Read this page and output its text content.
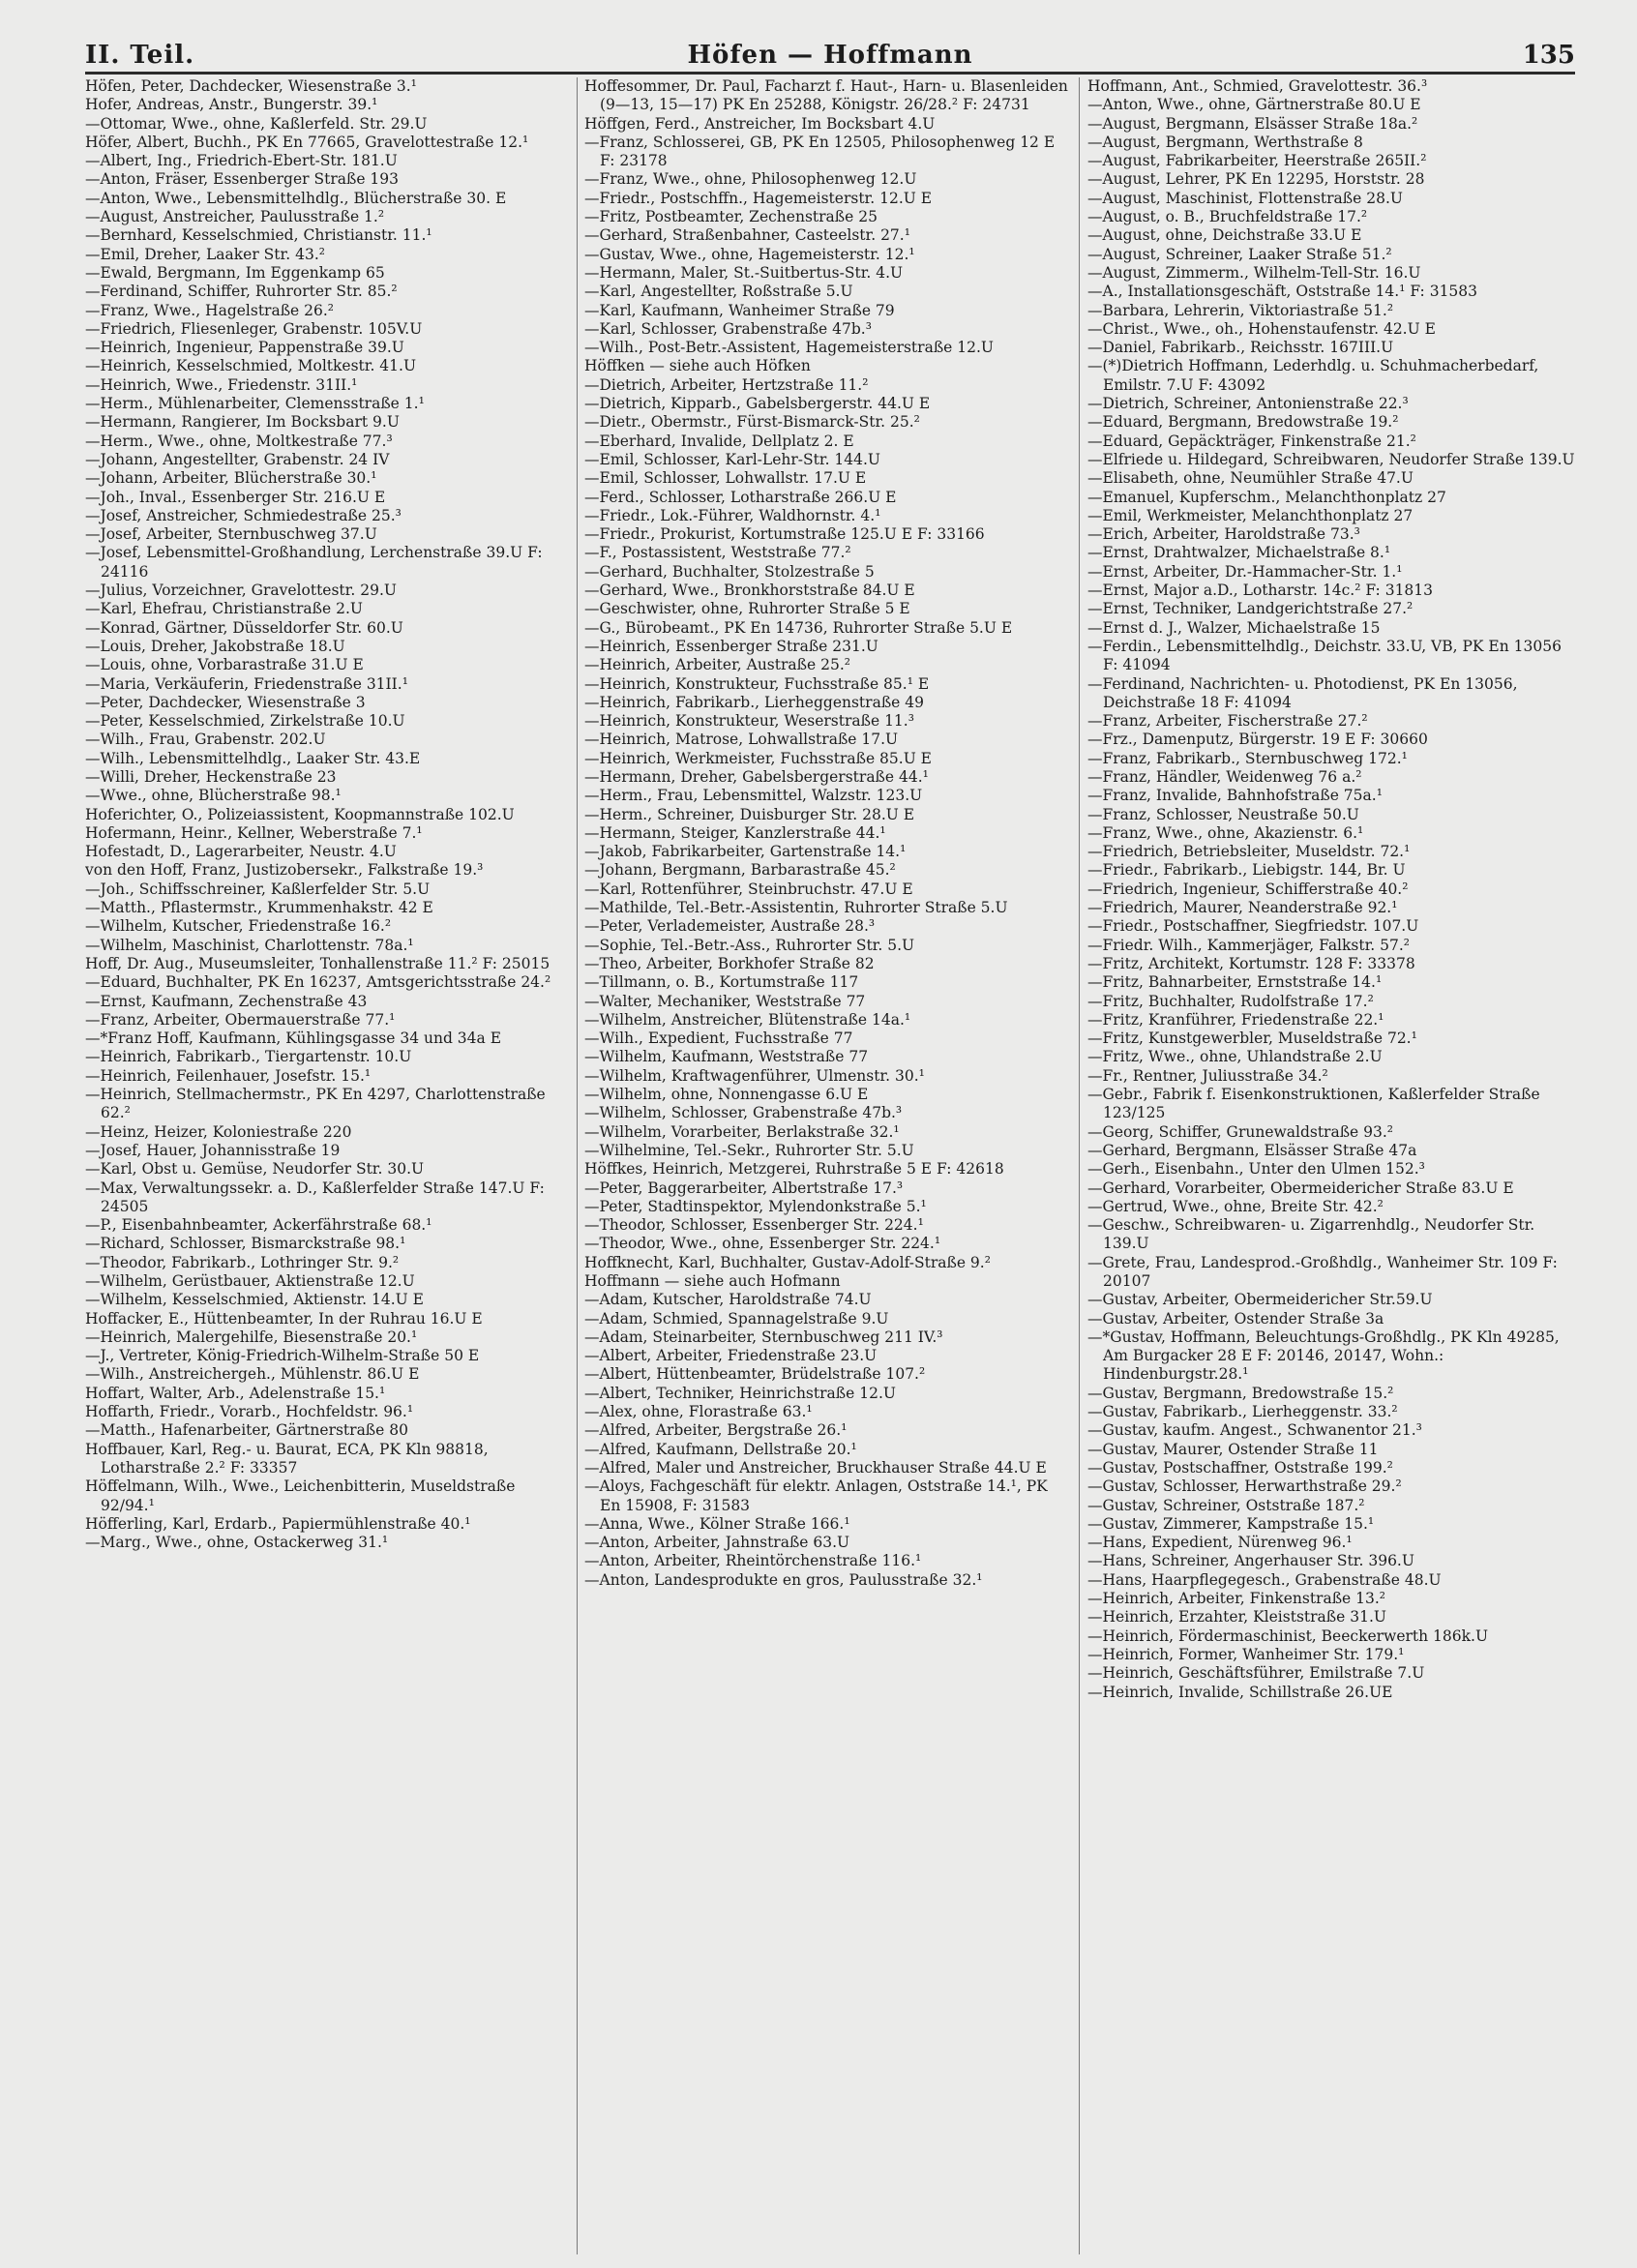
II. Teil.	Höfen — Hoffmann	135
Höfen, Peter, Dachdecker, Wiesenstraße 3.¹
Hofer, Andreas, Anstr., Bungerstr. 39.¹
—Ottomar, Wwe., ohne, Kaßlerfeld. Str. 29.U
Höfer, Albert, Buchh., PK En 77665, Gravelottestraße 12.¹
—Albert, Ing., Friedrich-Ebert-Str. 181.U
—Anton, Fräser, Essenberger Straße 193
—Anton, Wwe., Lebensmittelhdlg., Blücherstraße 30. E
—August, Anstreicher, Paulusstraße 1.²
—Bernhard, Kesselschmied, Christianstr. 11.¹
—Emil, Dreher, Laaker Str. 43.²
—Ewald, Bergmann, Im Eggenkamp 65
—Ferdinand, Schiffer, Ruhrorter Str. 85.²
—Franz, Wwe., Hagelstraße 26.²
—Friedrich, Fliesenleger, Grabenstr. 105V.U
—Heinrich, Ingenieur, Pappenstraße 39.U
—Heinrich, Kesselschmied, Moltkestr. 41.U
—Heinrich, Wwe., Friedenstr. 31II.¹
—Herm., Mühlenarbeiter, Clemensstraße 1.¹
—Hermann, Rangierer, Im Bocksbart 9.U
—Herm., Wwe., ohne, Moltkestraße 77.³
—Johann, Angestellter, Grabenstr. 24 IV
—Johann, Arbeiter, Blücherstraße 30.¹
—Joh., Inval., Essenberger Str. 216.U E
—Josef, Anstreicher, Schmiedestraße 25.³
—Josef, Arbeiter, Sternbuschweg 37.U
—Josef, Lebensmittel-Großhandlung, Lerchenstraße 39.U F: 24116
—Julius, Vorzeichner, Gravelottestr. 29.U
—Karl, Ehefrau, Christianstraße 2.U
—Konrad, Gärtner, Düsseldorfer Str. 60.U
—Louis, Dreher, Jakobstraße 18.U
—Louis, ohne, Vorbarastraße 31.U E
—Maria, Verkäuferin, Friedenstraße 31II.¹
—Peter, Dachdecker, Wiesenstraße 3
—Peter, Kesselschmied, Zirkelstraße 10.U
—Wilh., Frau, Grabenstr. 202.U
—Wilh., Lebensmittelhdlg., Laaker Str. 43.E
—Willi, Dreher, Heckenstraße 23
—Wwe., ohne, Blücherstraße 98.¹
Hoferichter, O., Polizeiassistent, Koopmannstraße 102.U
Hofermann, Heinr., Kellner, Weberstraße 7.¹
Hofestadt, D., Lagerarbeiter, Neustr. 4.U
von den Hoff, Franz, Justizobersekr., Falkstraße 19.³
—Joh., Schiffsschreiner, Kaßlerfelder Str. 5.U
—Matth., Pflastermstr., Krummenhakstr. 42 E
—Wilhelm, Kutscher, Friedenstraße 16.²
—Wilhelm, Maschinist, Charlottenstr. 78a.¹
Hoff, Dr. Aug., Museumsleiter, Tonhallenstraße 11.² F: 25015
—Eduard, Buchhalter, PK En 16237, Amtsgerichtsstraße 24.²
—Ernst, Kaufmann, Zechenstraße 43
—Franz, Arbeiter, Obermauerstraße 77.¹
—*Franz Hoff, Kaufmann, Kühlingsgasse 34 und 34a E
—Heinrich, Fabrikarb., Tiergartenstr. 10.U
—Heinrich, Feilenhauer, Josefstr. 15.¹
—Heinrich, Stellmachermstr., PK En 4297, Charlottenstraße 62.²
—Heinz, Heizer, Koloniestraße 220
—Josef, Hauer, Johannisstraße 19
—Karl, Obst u. Gemüse, Neudorfer Str. 30.U
—Max, Verwaltungssekr. a. D., Kaßlerfelder Straße 147.U F: 24505
—P., Eisenbahnbeamter, Ackerfährstraße 68.¹
—Richard, Schlosser, Bismarckstraße 98.¹
—Theodor, Fabrikarb., Lothringer Str. 9.²
—Wilhelm, Gerüstbauer, Aktienstraße 12.U
—Wilhelm, Kesselschmied, Aktienstr. 14.U E
Hoffacker, E., Hüttenbeamter, In der Ruhrau 16.U E
—Heinrich, Malergehilfe, Biesenstraße 20.¹
—J., Vertreter, König-Friedrich-Wilhelm-Straße 50 E
—Wilh., Anstreichergeh., Mühlenstr. 86.U E
Hoffart, Walter, Arb., Adelenstraße 15.¹
Hoffarth, Friedr., Vorarb., Hochfeldstr. 96.¹
—Matth., Hafenarbeiter, Gärtnerstraße 80
Hoffbauer, Karl, Reg.- u. Baurat, ECA, PK Kln 98818, Lotharstraße 2.² F: 33357
Höffelmann, Wilh., Wwe., Leichenbitterin, Museldstraße 92/94.¹
Höfferling, Karl, Erdarb., Papiermühlenstraße 40.¹
—Marg., Wwe., ohne, Ostackerweg 31.¹
Hoffesommer, Dr. Paul, Facharzt f. Haut-, Harn- u. Blasenleiden (9—13, 15—17) PK En 25288, Königstr. 26/28.² F: 24731
Höffgen, Ferd., Anstreicher, Im Bocksbart 4.U
—Franz, Schlosserei, GB, PK En 12505, Philosophenweg 12 E F: 23178
—Franz, Wwe., ohne, Philosophenweg 12.U
—Friedr., Postschffn., Hagemeisterstr. 12.U E
—Fritz, Postbeamter, Zechenstraße 25
—Gerhard, Straßenbahner, Casteelstr. 27.¹
—Gustav, Wwe., ohne, Hagemeisterstr. 12.¹
—Hermann, Maler, St.-Suitbertus-Str. 4.U
—Karl, Angestellter, Roßstraße 5.U
—Karl, Kaufmann, Wanheimer Straße 79
—Karl, Schlosser, Grabenstraße 47b.³
—Wilh., Post-Betr.-Assistent, Hagemeisterstraße 12.U
Höffken — siehe auch Höfken
—Dietrich, Arbeiter, Hertzstraße 11.²
—Dietrich, Kipparb., Gabelsbergerstr. 44.U E
—Dietr., Obermstr., Fürst-Bismarck-Str. 25.²
—Eberhard, Invalide, Dellplatz 2. E
—Emil, Schlosser, Karl-Lehr-Str. 144.U
—Emil, Schlosser, Lohwallstr. 17.U E
—Ferd., Schlosser, Lotharstraße 266.U E
—Friedr., Lok.-Führer, Waldhornstr. 4.¹
—Friedr., Prokurist, Kortumstraße 125.U E F: 33166
—F., Postassistent, Weststraße 77.²
—Gerhard, Buchhalter, Stolzestraße 5
—Gerhard, Wwe., Bronkhorststraße 84.U E
—Geschwister, ohne, Ruhrorter Straße 5 E
—G., Bürobeamt., PK En 14736, Ruhrorter Straße 5.U E
—Heinrich, Essenberger Straße 231.U
—Heinrich, Arbeiter, Austraße 25.²
—Heinrich, Konstrukteur, Fuchsstraße 85.¹ E
—Heinrich, Fabrikarb., Lierheggenstraße 49
—Heinrich, Konstrukteur, Weserstraße 11.³
—Heinrich, Matrose, Lohwallstraße 17.U
—Heinrich, Werkmeister, Fuchsstraße 85.U E
—Hermann, Dreher, Gabelsbergerstraße 44.¹
—Herm., Frau, Lebensmittel, Walzstr. 123.U
—Herm., Schreiner, Duisburger Str. 28.U E
—Hermann, Steiger, Kanzlerstraße 44.¹
—Jakob, Fabrikarbeiter, Gartenstraße 14.¹
—Johann, Bergmann, Barbarastraße 45.²
—Karl, Rottenführer, Steinbruchstr. 47.U E
—Mathilde, Tel.-Betr.-Assistentin, Ruhrorter Straße 5.U
—Peter, Verlademeister, Austraße 28.³
—Sophie, Tel.-Betr.-Ass., Ruhrorter Str. 5.U
—Theo, Arbeiter, Borkhofer Straße 82
—Tillmann, o. B., Kortumstraße 117
—Walter, Mechaniker, Weststraße 77
—Wilhelm, Anstreicher, Blütenstraße 14a.¹
—Wilh., Expedient, Fuchsstraße 77
—Wilhelm, Kaufmann, Weststraße 77
—Wilhelm, Kraftwagenführer, Ulmenstr. 30.¹
—Wilhelm, ohne, Nonnengasse 6.U E
—Wilhelm, Schlosser, Grabenstraße 47b.³
—Wilhelm, Vorarbeiter, Berlakstraße 32.¹
—Wilhelmine, Tel.-Sekr., Ruhrorter Str. 5.U
Höffkes, Heinrich, Metzgerei, Ruhrstraße 5 E F: 42618
—Peter, Baggerarbeiter, Albertstraße 17.³
—Peter, Stadtinspektor, Mylendonkstraße 5.¹
—Theodor, Schlosser, Essenberger Str. 224.¹
—Theodor, Wwe., ohne, Essenberger Str. 224.¹
Hoffknecht, Karl, Buchhalter, Gustav-Adolf-Straße 9.²
Hoffmann — siehe auch Hofmann
—Adam, Kutscher, Haroldstraße 74.U
—Adam, Schmied, Spannagelstraße 9.U
—Adam, Steinarbeiter, Sternbuschweg 211 IV.³
—Albert, Arbeiter, Friedenstraße 23.U
—Albert, Hüttenbeamter, Brüdelstraße 107.²
—Albert, Techniker, Heinrichstraße 12.U
—Alex, ohne, Florastraße 63.¹
—Alfred, Arbeiter, Bergstraße 26.¹
—Alfred, Kaufmann, Dellstraße 20.¹
—Alfred, Maler und Anstreicher, Bruckhauser Straße 44.U E
—Aloys, Fachgeschäft für elektr. Anlagen, Oststraße 14.¹, PK En 15908, F: 31583
—Anna, Wwe., Kölner Straße 166.¹
—Anton, Arbeiter, Jahnstraße 63.U
—Anton, Arbeiter, Rheintörchenstraße 116.¹
—Anton, Landesprodukte en gros, Paulusstraße 32.¹
Hoffmann, Ant., Schmied, Gravelottestr. 36.³
—Anton, Wwe., ohne, Gärtnerstraße 80.U E
—August, Bergmann, Elsässer Straße 18a.²
—August, Bergmann, Werthstraße 8
—August, Fabrikarbeiter, Heerstraße 265II.²
—August, Lehrer, PK En 12295, Horststr. 28
—August, Maschinist, Flottenstraße 28.U
—August, o. B., Bruchfeldstraße 17.²
—August, ohne, Deichstraße 33.U E
—August, Schreiner, Laaker Straße 51.²
—August, Zimmerm., Wilhelm-Tell-Str. 16.U
—A., Installationsgeschäft, Oststraße 14.¹ F: 31583
—Barbara, Lehrerin, Viktoriastraße 51.²
—Christ., Wwe., oh., Hohenstaufenstr. 42.U E
—Daniel, Fabrikarb., Reichsstr. 167III.U
—(*)Dietrich Hoffmann, Lederhdlg. u. Schuhmacherbedarf, Emilstr. 7.U F: 43092
—Dietrich, Schreiner, Antonienstraße 22.³
—Eduard, Bergmann, Bredowstraße 19.²
—Eduard, Gepäckträger, Finkenstraße 21.²
—Elfriede u. Hildegard, Schreibwaren, Neudorfer Straße 139.U
—Elisabeth, ohne, Neumühler Straße 47.U
—Emanuel, Kupferschm., Melanchthonplatz 27
—Emil, Werkmeister, Melanchthonplatz 27
—Erich, Arbeiter, Haroldstraße 73.³
—Ernst, Drahtwalzer, Michaelstraße 8.¹
—Ernst, Arbeiter, Dr.-Hammacher-Str. 1.¹
—Ernst, Major a.D., Lotharstr. 14c.² F: 31813
—Ernst, Techniker, Landgerichtstraße 27.²
—Ernst d. J., Walzer, Michaelstraße 15
—Ferdin., Lebensmittelhdlg., Deichstr. 33.U, VB, PK En 13056 F: 41094
—Ferdinand, Nachrichten- u. Photodienst, PK En 13056, Deichstraße 18 F: 41094
—Franz, Arbeiter, Fischerstraße 27.²
—Frz., Damenputz, Bürgerstr. 19 E F: 30660
—Franz, Fabrikarb., Sternbuschweg 172.¹
—Franz, Händler, Weidenweg 76 a.²
—Franz, Invalide, Bahnhofstraße 75a.¹
—Franz, Schlosser, Neustraße 50.U
—Franz, Wwe., ohne, Akazienstr. 6.¹
—Friedrich, Betriebsleiter, Museldstr. 72.¹
—Friedr., Fabrikarb., Liebigstr. 144, Br. U
—Friedrich, Ingenieur, Schifferstraße 40.²
—Friedrich, Maurer, Neanderstraße 92.¹
—Friedr., Postschaffner, Siegfriedstr. 107.U
—Friedr. Wilh., Kammerjäger, Falkstr. 57.²
—Fritz, Architekt, Kortumstr. 128 F: 33378
—Fritz, Bahnarbeiter, Ernststraße 14.¹
—Fritz, Buchhalter, Rudolfstraße 17.²
—Fritz, Kranführer, Friedenstraße 22.¹
—Fritz, Kunstgewerbler, Museldstraße 72.¹
—Fritz, Wwe., ohne, Uhlandstraße 2.U
—Fr., Rentner, Juliusstraße 34.²
—Gebr., Fabrik f. Eisenkonstruktionen, Kaßlerfelder Straße 123/125
—Georg, Schiffer, Grunewaldstraße 93.²
—Gerhard, Bergmann, Elsässer Straße 47a
—Gerh., Eisenbahn., Unter den Ulmen 152.³
—Gerhard, Vorarbeiter, Obermeidericher Straße 83.U E
—Gertrud, Wwe., ohne, Breite Str. 42.²
—Geschw., Schreibwaren- u. Zigarrenhdlg., Neudorfer Str. 139.U
—Grete, Frau, Landesprod.-Großhdlg., Wanheimer Str. 109 F: 20107
—Gustav, Arbeiter, Obermeidericher Str.59.U
—Gustav, Arbeiter, Ostender Straße 3a
—*Gustav, Hoffmann, Beleuchtungs-Großhdlg., PK Kln 49285, Am Burgacker 28 E F: 20146, 20147, Wohn.: Hindenburgstr.28.¹
—Gustav, Bergmann, Bredowstraße 15.²
—Gustav, Fabrikarb., Lierheggenstr. 33.²
—Gustav, kaufm. Angest., Schwanentor 21.³
—Gustav, Maurer, Ostender Straße 11
—Gustav, Postschaffner, Oststraße 199.²
—Gustav, Schlosser, Herwarthstraße 29.²
—Gustav, Schreiner, Oststraße 187.²
—Gustav, Zimmerer, Kampstraße 15.¹
—Hans, Expedient, Nürenweg 96.¹
—Hans, Schreiner, Angerhauser Str. 396.U
—Hans, Haarpflegegesch., Grabenstraße 48.U
—Heinrich, Arbeiter, Finkenstraße 13.²
—Heinrich, Erzahter, Kleiststraße 31.U
—Heinrich, Fördermaschinist, Beeckerwerth 186k.U
—Heinrich, Former, Wanheimer Str. 179.¹
—Heinrich, Geschäftsführer, Emilstraße 7.U
—Heinrich, Invalide, Schillstraße 26.UE
